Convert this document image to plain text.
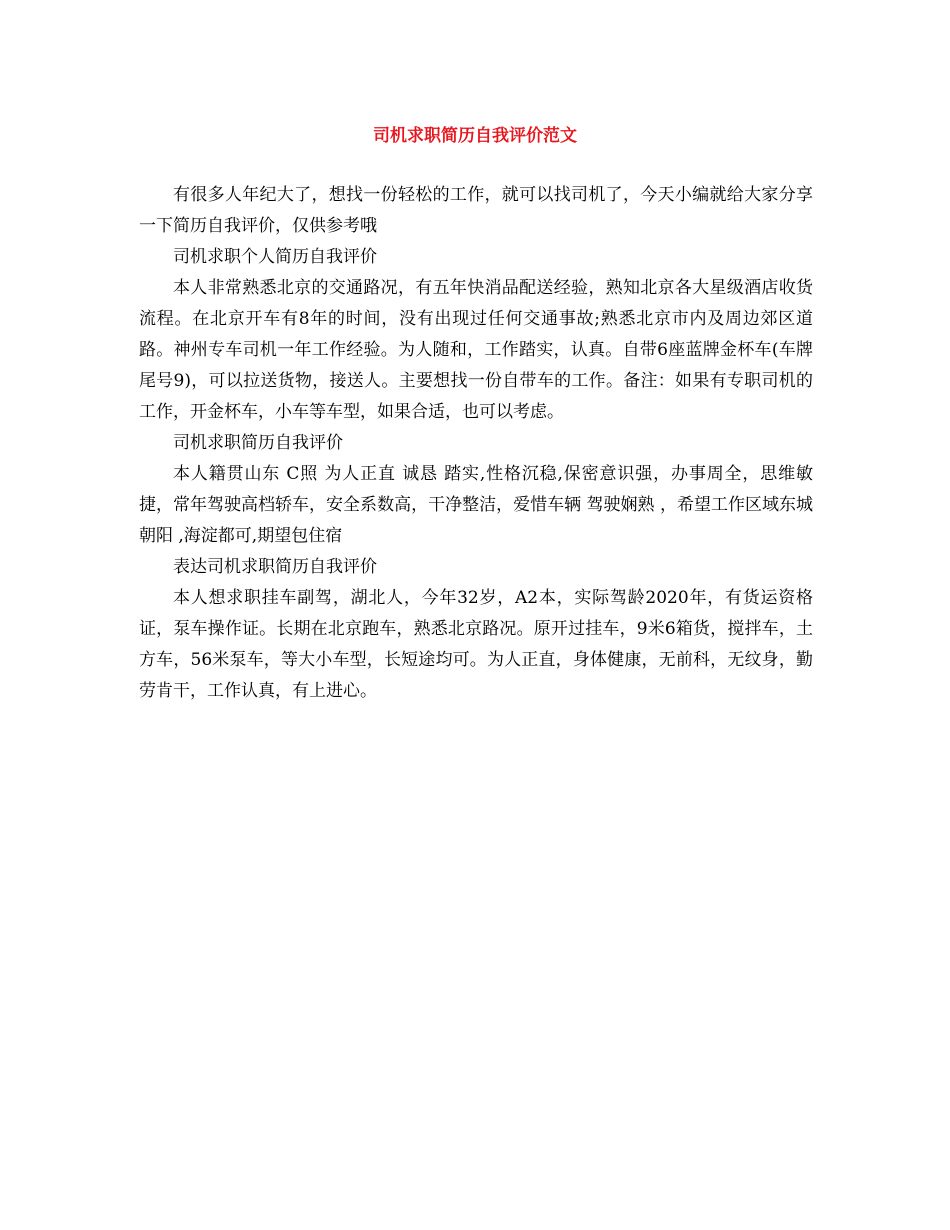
司机求职简历自我评价范文

有很多人年纪大了，想找一份轻松的工作，就可以找司机了，今天小编就给大家分享一下简历自我评价，仅供参考哦

司机求职个人简历自我评价

本人非常熟悉北京的交通路况，有五年快消品配送经验，熟知北京各大星级酒店收货流程。在北京开车有8年的时间，没有出现过任何交通事故;熟悉北京市内及周边郊区道路。神州专车司机一年工作经验。为人随和，工作踏实，认真。自带6座蓝牌金杯车(车牌尾号9)，可以拉送货物，接送人。主要想找一份自带车的工作。备注：如果有专职司机的工作，开金杯车，小车等车型，如果合适，也可以考虑。

司机求职简历自我评价

本人籍贯山东 C照 为人正直 诚恳 踏实,性格沉稳,保密意识强，办事周全，思维敏捷，常年驾驶高档轿车，安全系数高，干净整洁，爱惜车辆 驾驶娴熟 ，希望工作区域东城 朝阳 ,海淀都可,期望包住宿

表达司机求职简历自我评价

本人想求职挂车副驾，湖北人，今年32岁，A2本，实际驾龄2020年，有货运资格证，泵车操作证。长期在北京跑车，熟悉北京路况。原开过挂车，9米6箱货，搅拌车，土方车，56米泵车，等大小车型，长短途均可。为人正直，身体健康，无前科，无纹身，勤劳肯干，工作认真，有上进心。
